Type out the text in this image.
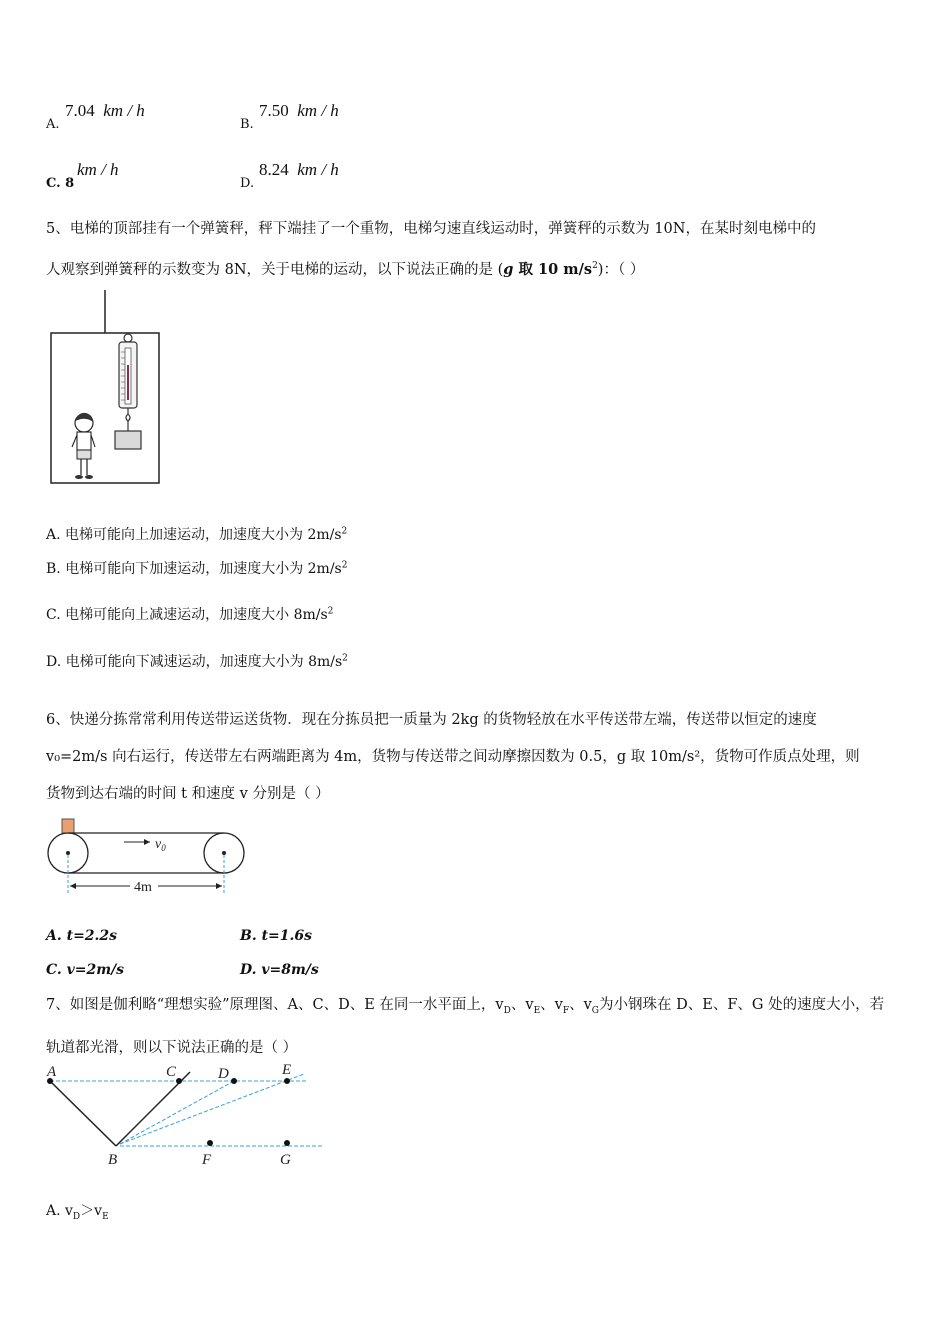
A.
7.04 km / h
B.
7.50 km / h
C. 8
km / h
D.
8.24 km / h
5、电梯的顶部挂有一个弹簧秤，秤下端挂了一个重物，电梯匀速直线运动时，弹簧秤的示数为 10N，在某时刻电梯中的
人观察到弹簧秤的示数变为 8N，关于电梯的运动，以下说法正确的是 (g 取 10 $m/s^2$)：（ ）
A. 电梯可能向上加速运动，加速度大小为 $2m/s^2$
B. 电梯可能向下加速运动，加速度大小为 $2m/s^2$
C. 电梯可能向上减速运动，加速度大小 $8m/s^2$
D. 电梯可能向下减速运动，加速度大小为 $8m/s^2$
6、快递分拣常常利用传送带运送货物．现在分拣员把一质量为 2kg 的货物轻放在水平传送带左端，传送带以恒定的速度
v₀=2m/s 向右运行，传送带左右两端距离为 4m，货物与传送带之间动摩擦因数为 0.5，g 取 10m/s²，货物可作质点处理，则
货物到达右端的时间 t 和速度 v 分别是（ ）
$v_0$
4m
A. t=2.2s	B. t=1.6s
C. v=2m/s	D. v=8m/s
7、如图是伽利略“理想实验”原理图、A、C、D、E 在同一水平面上，$v_D$、$v_E$、$v_F$、$v_G$为小钢珠在 D、E、F、G 处的速度大小，若
轨道都光滑，则以下说法正确的是（ ）
A	C	D	E
B	F	G
A. $v_D>v_E$
